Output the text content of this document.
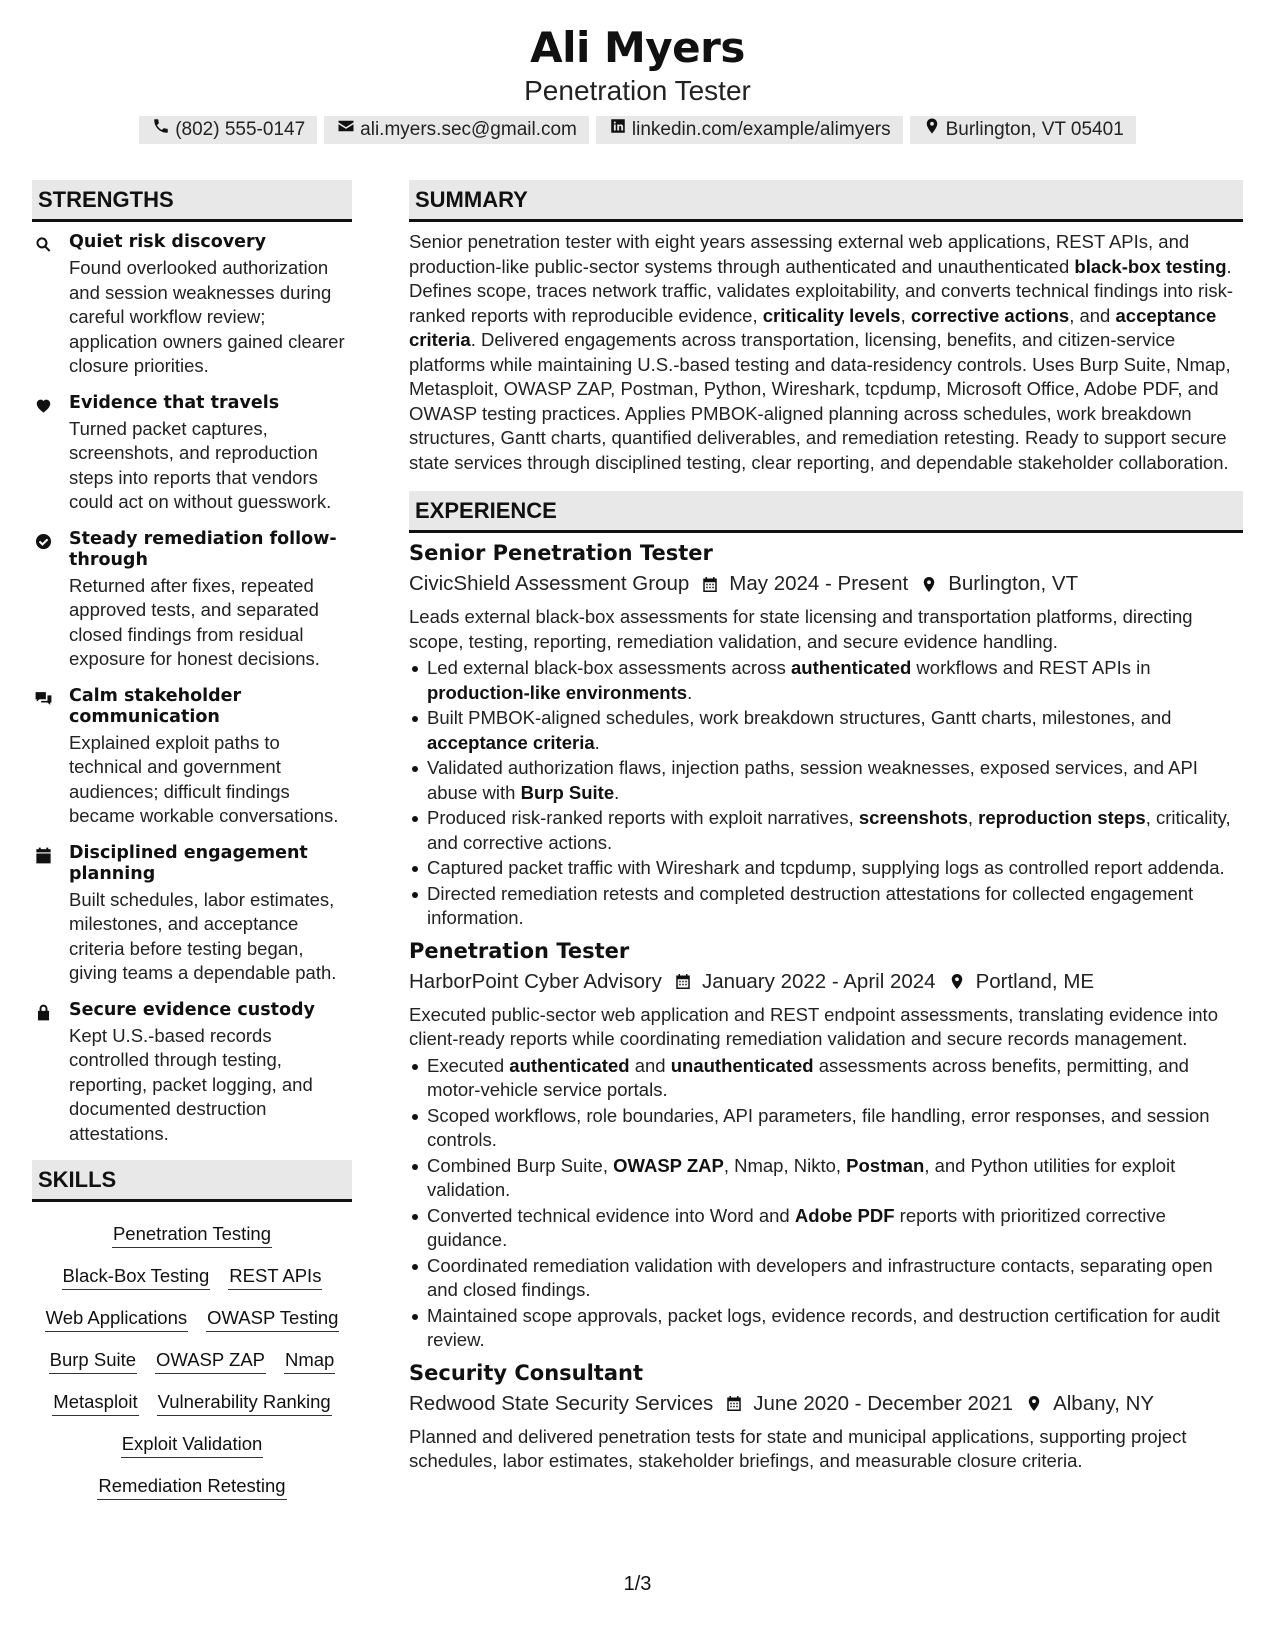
Ali Myers
Penetration Tester
(802) 555-0147	ali.myers.sec@gmail.com	linkedin.com/example/alimyers	Burlington, VT 05401
STRENGTHS
Quiet risk discovery
Found overlooked authorization and session weaknesses during careful workflow review; application owners gained clearer closure priorities.
Evidence that travels
Turned packet captures, screenshots, and reproduction steps into reports that vendors could act on without guesswork.
Steady remediation follow-through
Returned after fixes, repeated approved tests, and separated closed findings from residual exposure for honest decisions.
Calm stakeholder communication
Explained exploit paths to technical and government audiences; difficult findings became workable conversations.
Disciplined engagement planning
Built schedules, labor estimates, milestones, and acceptance criteria before testing began, giving teams a dependable path.
Secure evidence custody
Kept U.S.-based records controlled through testing, reporting, packet logging, and documented destruction attestations.
SKILLS
Penetration Testing
Black-Box Testing REST APIs
Web Applications OWASP Testing
Burp Suite OWASP ZAP Nmap
Metasploit Vulnerability Ranking
Exploit Validation
Remediation Retesting
SUMMARY
Senior penetration tester with eight years assessing external web applications, REST APIs, and production-like public-sector systems through authenticated and unauthenticated black-box testing. Defines scope, traces network traffic, validates exploitability, and converts technical findings into risk-ranked reports with reproducible evidence, criticality levels, corrective actions, and acceptance criteria. Delivered engagements across transportation, licensing, benefits, and citizen-service platforms while maintaining U.S.-based testing and data-residency controls. Uses Burp Suite, Nmap, Metasploit, OWASP ZAP, Postman, Python, Wireshark, tcpdump, Microsoft Office, Adobe PDF, and OWASP testing practices. Applies PMBOK-aligned planning across schedules, work breakdown structures, Gantt charts, quantified deliverables, and remediation retesting. Ready to support secure state services through disciplined testing, clear reporting, and dependable stakeholder collaboration.
EXPERIENCE
Senior Penetration Tester
CivicShield Assessment Group May 2024 - Present Burlington, VT
Leads external black-box assessments for state licensing and transportation platforms, directing scope, testing, reporting, remediation validation, and secure evidence handling.
Led external black-box assessments across authenticated workflows and REST APIs in production-like environments.
Built PMBOK-aligned schedules, work breakdown structures, Gantt charts, milestones, and acceptance criteria.
Validated authorization flaws, injection paths, session weaknesses, exposed services, and API abuse with Burp Suite.
Produced risk-ranked reports with exploit narratives, screenshots, reproduction steps, criticality, and corrective actions.
Captured packet traffic with Wireshark and tcpdump, supplying logs as controlled report addenda.
Directed remediation retests and completed destruction attestations for collected engagement information.
Penetration Tester
HarborPoint Cyber Advisory January 2022 - April 2024 Portland, ME
Executed public-sector web application and REST endpoint assessments, translating evidence into client-ready reports while coordinating remediation validation and secure records management.
Executed authenticated and unauthenticated assessments across benefits, permitting, and motor-vehicle service portals.
Scoped workflows, role boundaries, API parameters, file handling, error responses, and session controls.
Combined Burp Suite, OWASP ZAP, Nmap, Nikto, Postman, and Python utilities for exploit validation.
Converted technical evidence into Word and Adobe PDF reports with prioritized corrective guidance.
Coordinated remediation validation with developers and infrastructure contacts, separating open and closed findings.
Maintained scope approvals, packet logs, evidence records, and destruction certification for audit review.
Security Consultant
Redwood State Security Services June 2020 - December 2021 Albany, NY
Planned and delivered penetration tests for state and municipal applications, supporting project schedules, labor estimates, stakeholder briefings, and measurable closure criteria.
1/3
